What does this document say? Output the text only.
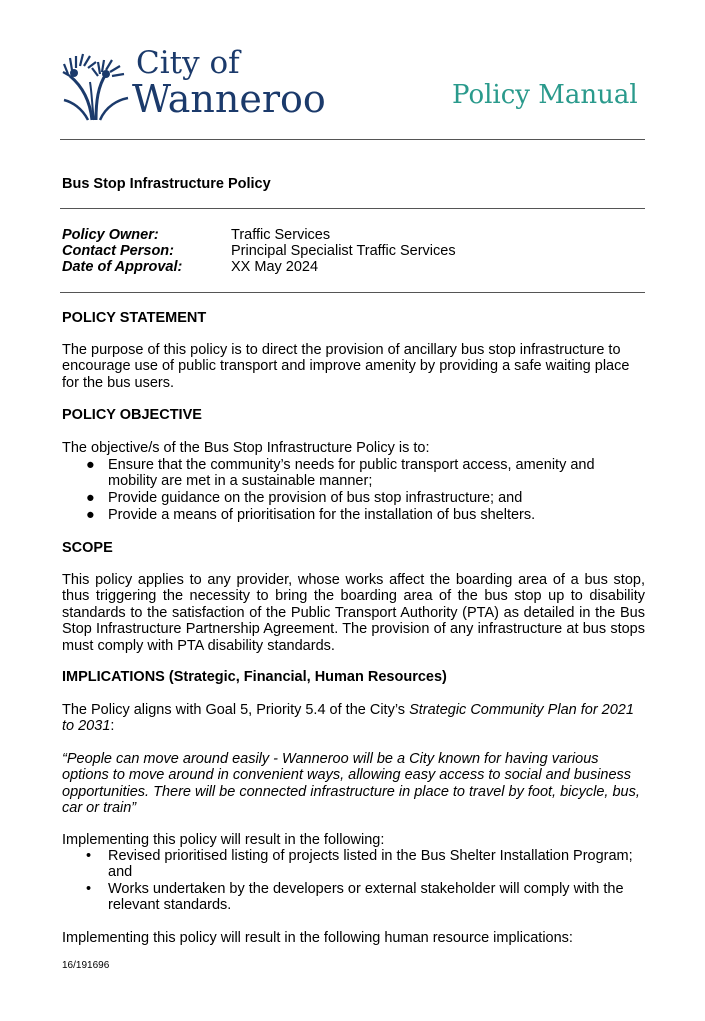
City of
Wanneroo	Policy Manual
Bus Stop Infrastructure Policy
Policy Owner:	Traffic Services
Contact Person:	Principal Specialist Traffic Services
Date of Approval:	XX May 2024
POLICY STATEMENT
The purpose of this policy is to direct the provision of ancillary bus stop infrastructure to encourage use of public transport and improve amenity by providing a safe waiting place for the bus users.
POLICY OBJECTIVE
The objective/s of the Bus Stop Infrastructure Policy is to:
● Ensure that the community’s needs for public transport access, amenity and mobility are met in a sustainable manner;
● Provide guidance on the provision of bus stop infrastructure; and
● Provide a means of prioritisation for the installation of bus shelters.
SCOPE
This policy applies to any provider, whose works affect the boarding area of a bus stop, thus triggering the necessity to bring the boarding area of the bus stop up to disability standards to the satisfaction of the Public Transport Authority (PTA) as detailed in the Bus Stop Infrastructure Partnership Agreement. The provision of any infrastructure at bus stops must comply with PTA disability standards.
IMPLICATIONS (Strategic, Financial, Human Resources)
The Policy aligns with Goal 5, Priority 5.4 of the City’s Strategic Community Plan for 2021 to 2031:
“People can move around easily - Wanneroo will be a City known for having various options to move around in convenient ways, allowing easy access to social and business opportunities. There will be connected infrastructure in place to travel by foot, bicycle, bus, car or train”
Implementing this policy will result in the following:
• Revised prioritised listing of projects listed in the Bus Shelter Installation Program; and
• Works undertaken by the developers or external stakeholder will comply with the relevant standards.
Implementing this policy will result in the following human resource implications:
16/191696
